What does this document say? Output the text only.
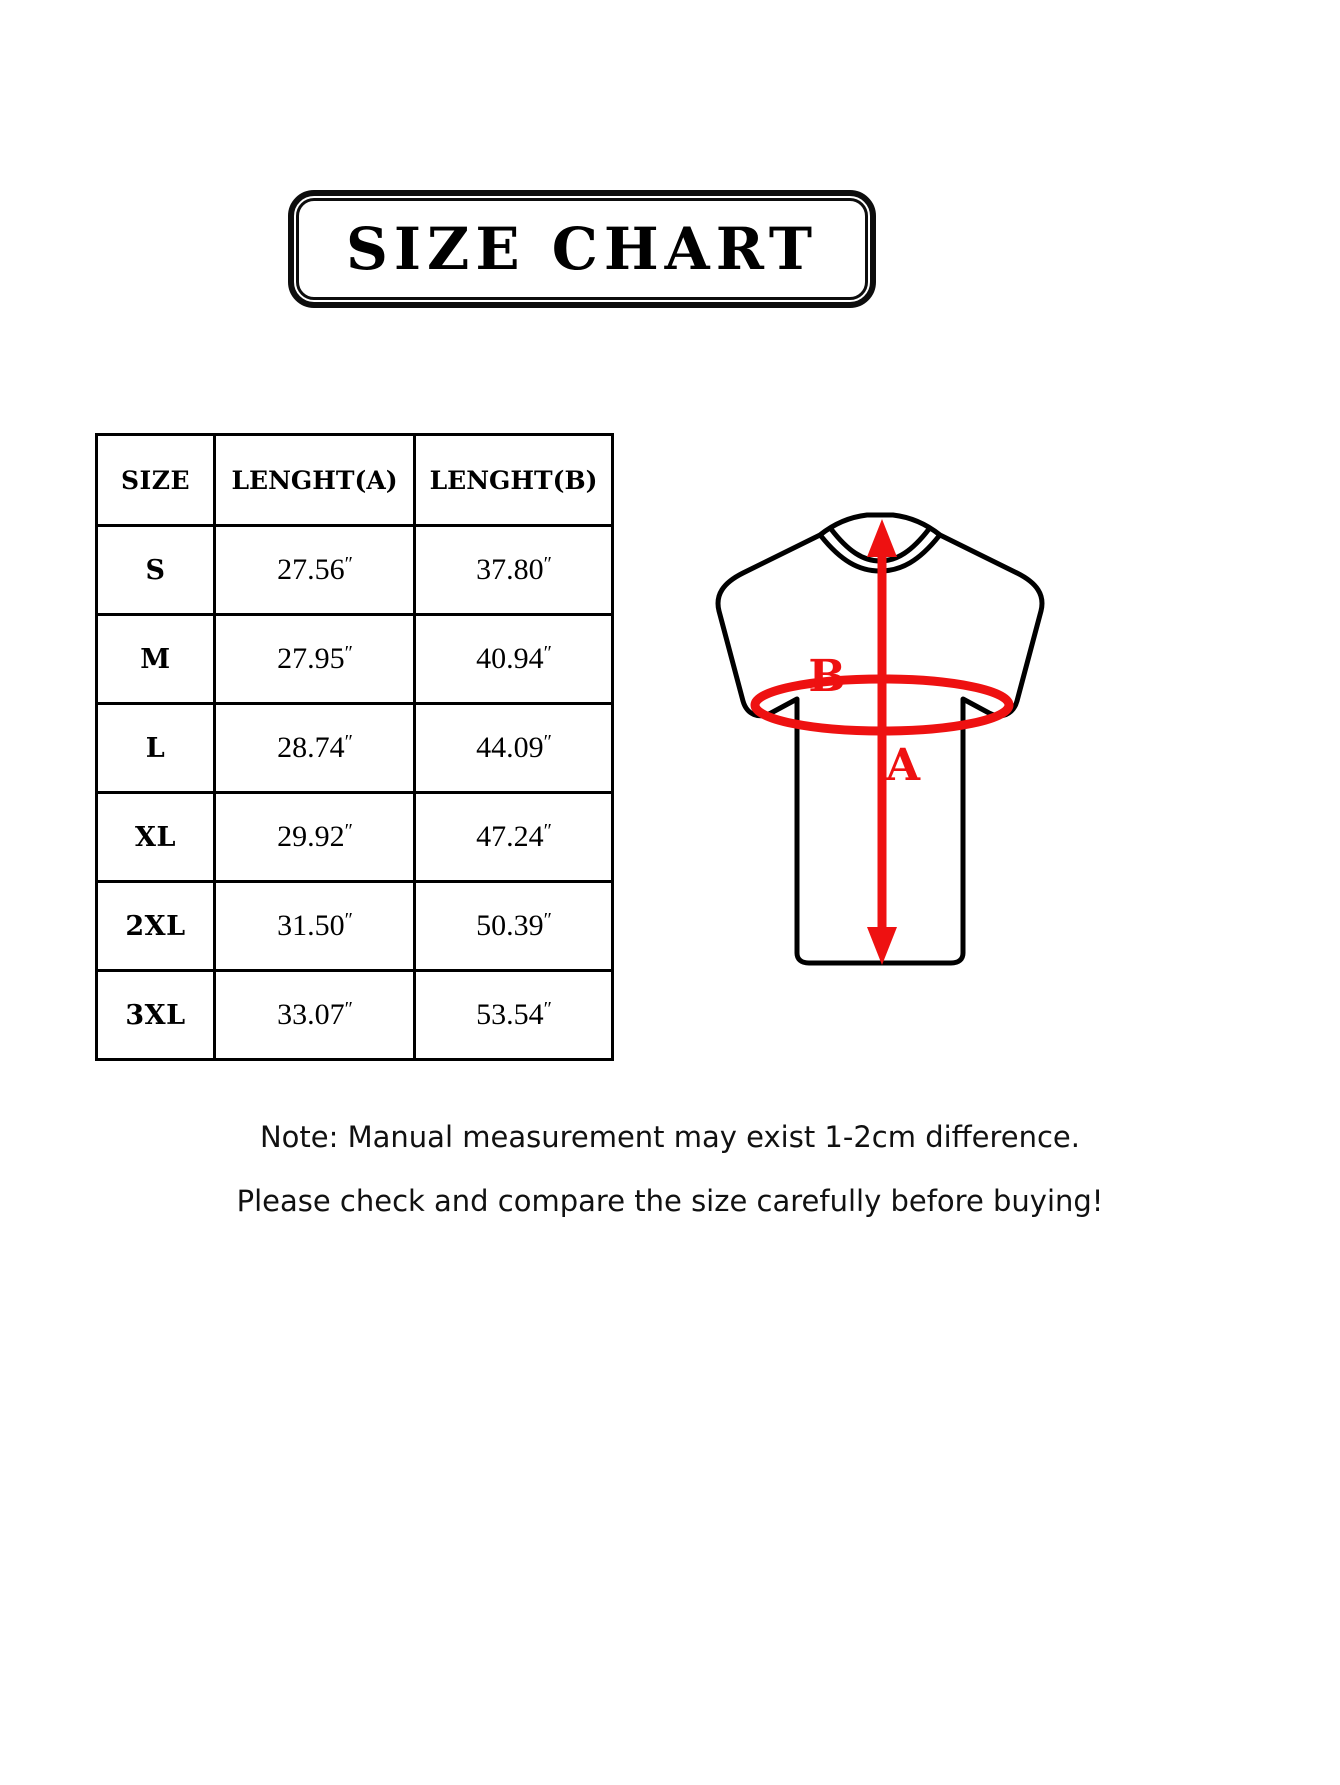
SIZE CHART
SIZE	LENGHT(A)	LENGHT(B)
S	27.56″	37.80″
M	27.95″	40.94″
L	28.74″	44.09″
XL	29.92″	47.24″
2XL	31.50″	50.39″
3XL	33.07″	53.54″
B
A
Note: Manual measurement may exist 1-2cm difference.
Please check and compare the size carefully before buying!
